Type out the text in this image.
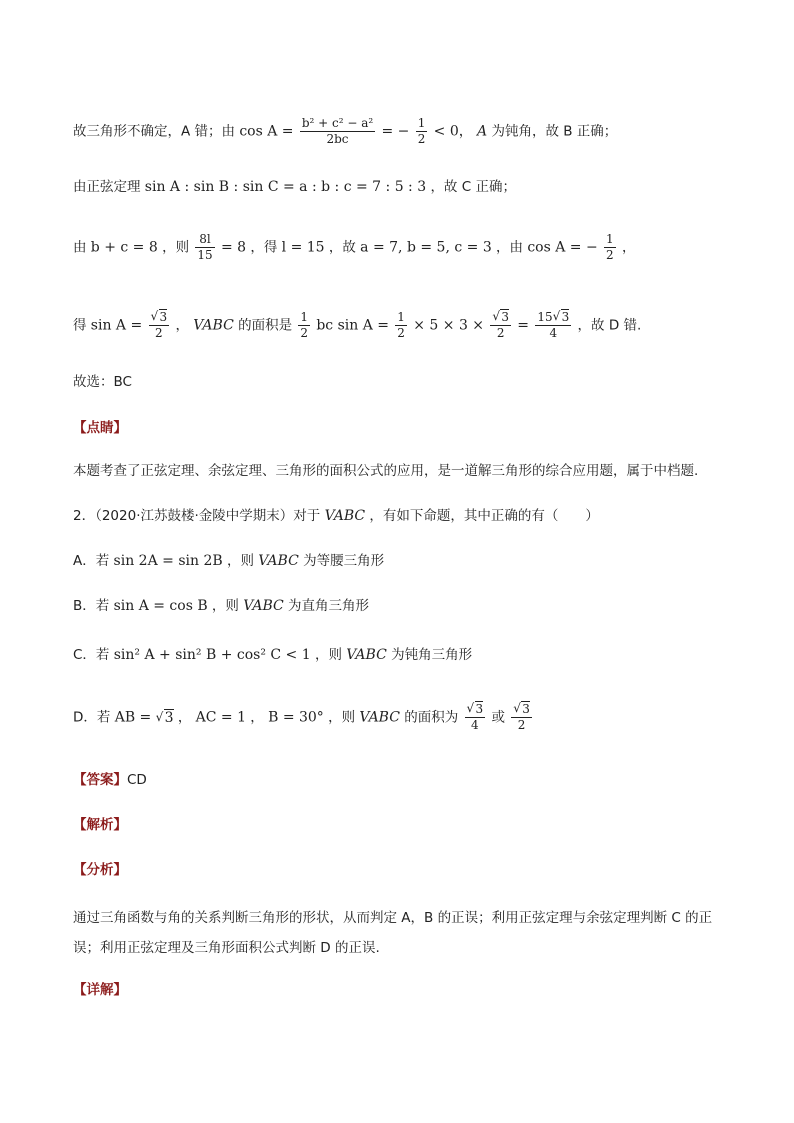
故三角形不确定，A 错；由 $\cos A = \frac{\text{b² + c² − a²}}{2bc}$ = − $\frac{1}{2} < 0$， A 为钝角，故 B 正确；
由正弦定理 sin A : sin B : sin C = a : b : c = 7 : 5 : 3 ，故 C 正确；
由 b + c = 8 ，则 $\frac{8l}{15} = 8$ ，得 l = 15 ，故 a = 7, b = 5, c = 3 ，由 cos A = − $\frac{1}{2}$ ，
得 $\sin A = \frac{√ 3}{2}$ ， VABC 的面积是 $\frac{1}{2}$ bc $\sin A = \frac{1}{2} \times 5 \times 3 \times \frac{√ 3}{2} = \frac{15 √ 3}{4}$ ，故 D 错.
故选：BC
【点睛】
本题考查了正弦定理、余弦定理、三角形的面积公式的应用，是一道解三角形的综合应用题，属于中档题.
2．（2020·江苏鼓楼·金陵中学期末）对于 VABC ，有如下命题，其中正确的有（　　）
A．若 sin 2A = sin 2B ，则 VABC 为等腰三角形
B．若 sin A = cos B ，则 VABC 为直角三角形
C．若 sin² A + sin² B + cos² C < 1 ，则 VABC 为钝角三角形
D．若 AB = √ 3 ， AC = 1 ， B = 30° ，则 VABC 的面积为 $\frac{√ 3}{4}$ 或 $\frac{√ 3}{2}$
【答案】CD
【解析】
【分析】
通过三角函数与角的关系判断三角形的形状，从而判定 A，B 的正误；利用正弦定理与余弦定理判断 C 的正误；利用正弦定理及三角形面积公式判断 D 的正误.
【详解】
